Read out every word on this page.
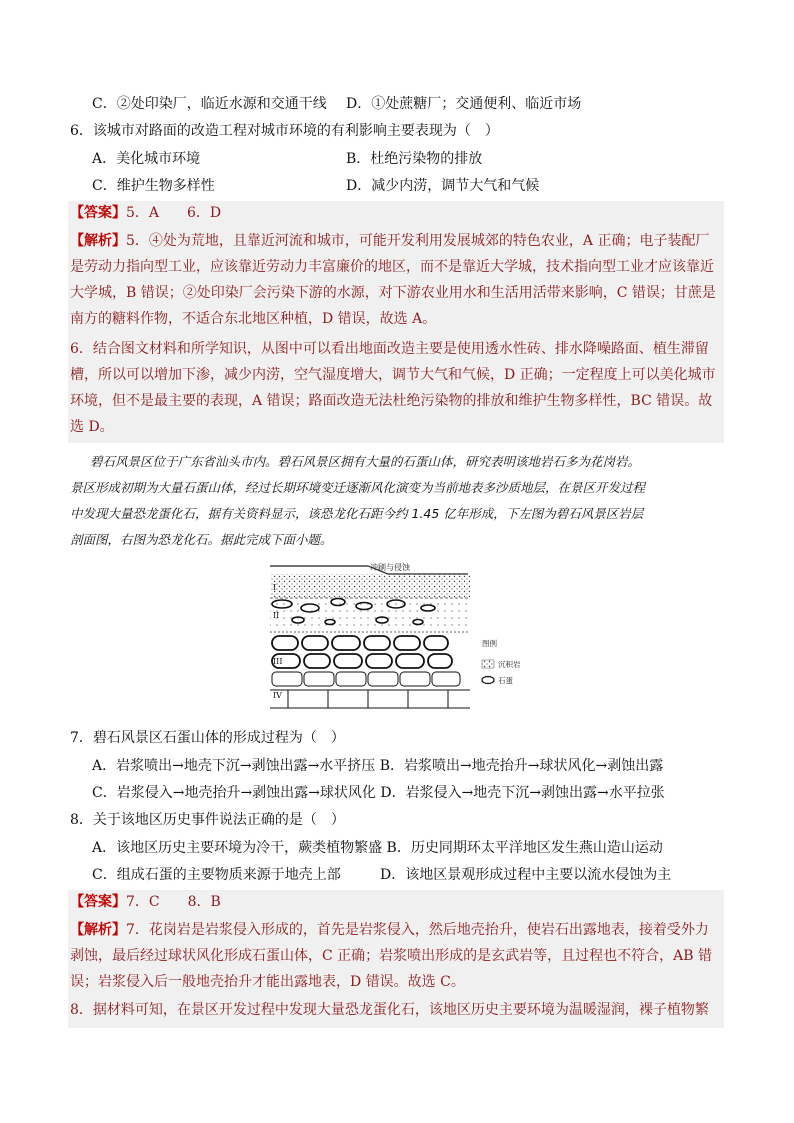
C．②处印染厂，临近水源和交通干线 D．①处蔗糖厂；交通便利、临近市场
6．该城市对路面的改造工程对城市环境的有利影响主要表现为（　）
A．美化城市环境	B．杜绝污染物的排放
C．维护生物多样性	D．减少内涝，调节大气和气候
【答案】5．A　　6．D
【解析】5．④处为荒地，且靠近河流和城市，可能开发利用发展城郊的特色农业，A 正确；电子装配厂
是劳动力指向型工业，应该靠近劳动力丰富廉价的地区，而不是靠近大学城，技术指向型工业才应该靠近
大学城，B 错误；②处印染厂会污染下游的水源，对下游农业用水和生活用活带来影响，C 错误；甘蔗是
南方的糖料作物，不适合东北地区种植，D 错误，故选 A。
6．结合图文材料和所学知识，从图中可以看出地面改造主要是使用透水性砖、排水降噪路面、植生滞留
槽，所以可以增加下渗，减少内涝，空气湿度增大，调节大气和气候，D 正确；一定程度上可以美化城市
环境，但不是最主要的表现，A 错误；路面改造无法杜绝污染物的排放和维护生物多样性，BC 错误。故
选 D。
碧石风景区位于广东省汕头市内。碧石风景区拥有大量的石蛋山体，研究表明该地岩石多为花岗岩。
景区形成初期为大量石蛋山体，经过长期环境变迁逐渐风化演变为当前地表多沙质地层，在景区开发过程
中发现大量恐龙蛋化石，据有关资料显示，该恐龙化石距今约 1.45 亿年形成，下左图为碧石风景区岩层
剖面图，右图为恐龙化石。据此完成下面小题。
冲刷与侵蚀
I
II
III
IV
图例
沉积岩
石蛋
7．碧石风景区石蛋山体的形成过程为（　）
A．岩浆喷出→地壳下沉→剥蚀出露→水平挤压 B．岩浆喷出→地壳抬升→球状风化→剥蚀出露
C．岩浆侵入→地壳抬升→剥蚀出露→球状风化 D．岩浆侵入→地壳下沉→剥蚀出露→水平拉张
8．关于该地区历史事件说法正确的是（　）
A．该地区历史主要环境为冷干，蕨类植物繁盛 B．历史同期环太平洋地区发生燕山造山运动
C．组成石蛋的主要物质来源于地壳上部	D．该地区景观形成过程中主要以流水侵蚀为主
【答案】7．C　　8．B
【解析】7．花岗岩是岩浆侵入形成的，首先是岩浆侵入，然后地壳抬升，使岩石出露地表，接着受外力
剥蚀，最后经过球状风化形成石蛋山体，C 正确；岩浆喷出形成的是玄武岩等，且过程也不符合，AB 错
误；岩浆侵入后一般地壳抬升才能出露地表，D 错误。故选 C。
8．据材料可知，在景区开发过程中发现大量恐龙蛋化石，该地区历史主要环境为温暖湿润，裸子植物繁
